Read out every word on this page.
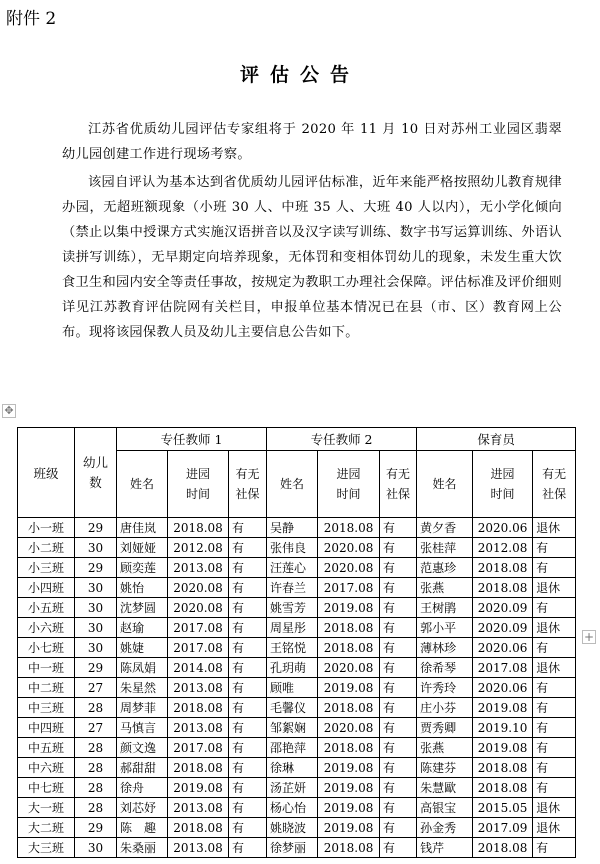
附件 2
评估公告
江苏省优质幼儿园评估专家组将于 2020 年 11 月 10 日对苏州工业园区翡翠幼儿园创建工作进行现场考察。
该园自评认为基本达到省优质幼儿园评估标准，近年来能严格按照幼儿教育规律办园，无超班额现象（小班 30 人、中班 35 人、大班 40 人以内），无小学化倾向（禁止以集中授课方式实施汉语拼音以及汉字读写训练、数字书写运算训练、外语认读拼写训练），无早期定向培养现象，无体罚和变相体罚幼儿的现象，未发生重大饮食卫生和园内安全等责任事故，按规定为教职工办理社会保障。评估标准及评价细则详见江苏教育评估院网有关栏目，申报单位基本情况已在县（市、区）教育网上公布。现将该园保教人员及幼儿主要信息公告如下。
✥
+
班级	幼儿数	专任教师 1			专任教师 2			保育员		
		姓名	进园时间	有无社保	姓名	进园时间	有无社保	姓名	进园时间	有无社保
小一班	29	唐佳岚	2018.08	有	吴静	2018.08	有	黄夕香	2020.06	退休
小二班	30	刘娅娅	2012.08	有	张伟良	2020.08	有	张桂萍	2012.08	有
小三班	29	顾奕莲	2013.08	有	汪莲心	2020.08	有	范惠珍	2018.08	有
小四班	30	姚怡	2020.08	有	许春兰	2017.08	有	张燕	2018.08	退休
小五班	30	沈梦圆	2020.08	有	姚雪芳	2019.08	有	王树鹃	2020.09	有
小六班	30	赵瑜	2017.08	有	周星彤	2018.08	有	郭小平	2020.09	退休
小七班	30	姚婕	2017.08	有	王铭悦	2018.08	有	薄林珍	2020.06	有
中一班	29	陈凤娟	2014.08	有	孔玥萌	2020.08	有	徐希琴	2017.08	退休
中二班	27	朱星然	2013.08	有	顾唯	2019.08	有	许秀玲	2020.06	有
中三班	28	周梦菲	2018.08	有	毛馨仪	2018.08	有	庄小芬	2019.08	有
中四班	27	马慎言	2013.08	有	邹絮娴	2020.08	有	贾秀卿	2019.10	有
中五班	28	颜文逸	2017.08	有	邵艳萍	2018.08	有	张燕	2019.08	有
中六班	28	郝甜甜	2018.08	有	徐琳	2019.08	有	陈建芬	2018.08	有
中七班	28	徐舟	2019.08	有	汤芷妍	2019.08	有	朱慧歐	2018.08	有
大一班	28	刘芯妤	2013.08	有	杨心怡	2019.08	有	高银宝	2015.05	退休
大二班	29	陈　趣	2018.08	有	姚晓波	2019.08	有	孙金秀	2017.09	退休
大三班	30	朱桑丽	2013.08	有	徐梦丽	2018.08	有	钱芹	2018.08	有
